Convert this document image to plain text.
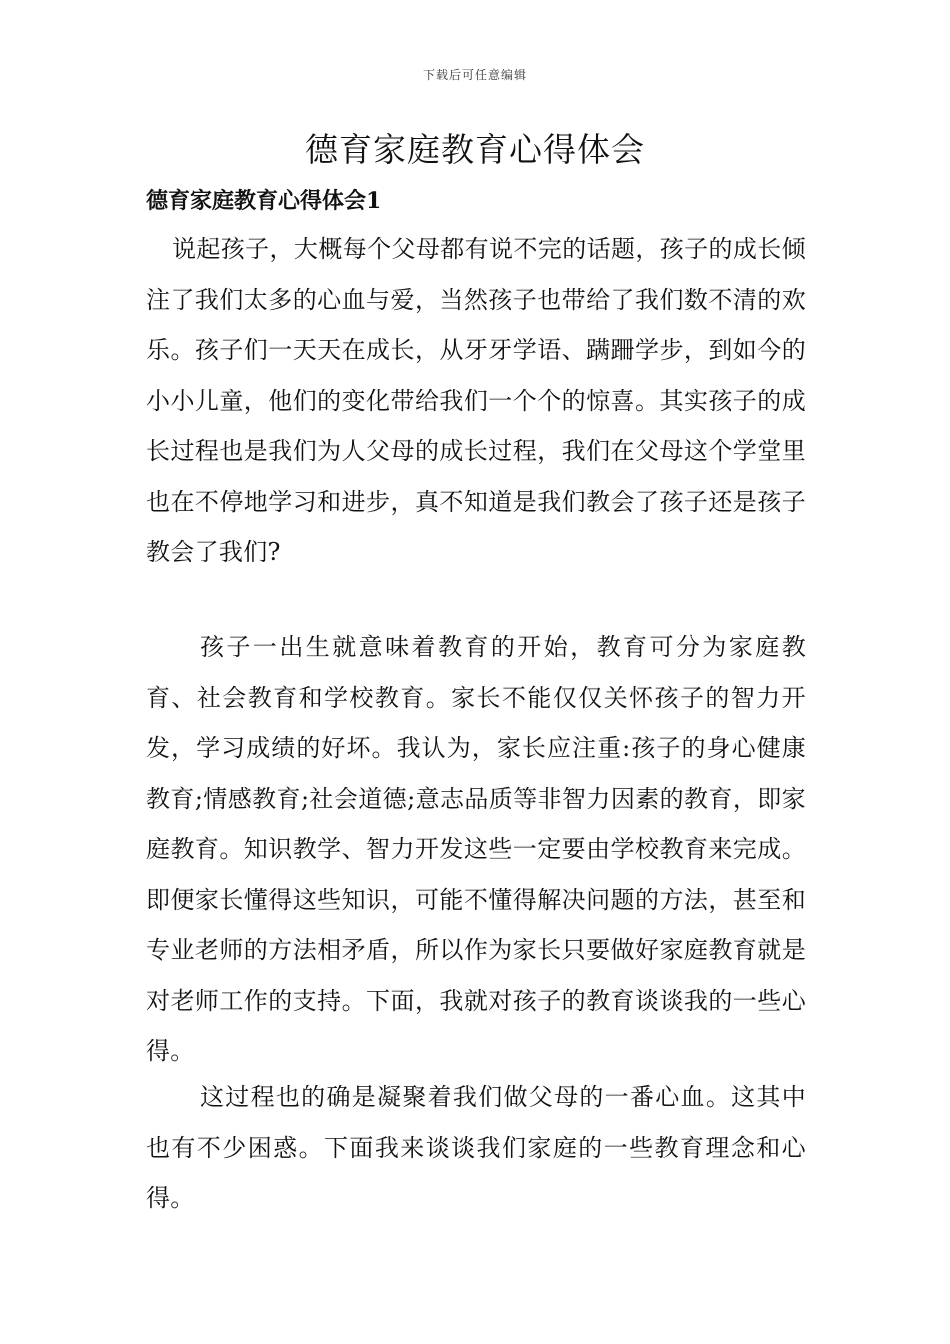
下载后可任意编辑
德育家庭教育心得体会
德育家庭教育心得体会1

说起孩子，大概每个父母都有说不完的话题，孩子的成长倾注了我们太多的心血与爱，当然孩子也带给了我们数不清的欢乐。孩子们一天天在成长，从牙牙学语、蹒跚学步，到如今的小小儿童，他们的变化带给我们一个个的惊喜。其实孩子的成长过程也是我们为人父母的成长过程，我们在父母这个学堂里也在不停地学习和进步，真不知道是我们教会了孩子还是孩子教会了我们?

孩子一出生就意味着教育的开始，教育可分为家庭教育、社会教育和学校教育。家长不能仅仅关怀孩子的智力开发，学习成绩的好坏。我认为，家长应注重:孩子的身心健康教育;情感教育;社会道德;意志品质等非智力因素的教育，即家庭教育。知识教学、智力开发这些一定要由学校教育来完成。即便家长懂得这些知识，可能不懂得解决问题的方法，甚至和专业老师的方法相矛盾，所以作为家长只要做好家庭教育就是对老师工作的支持。下面，我就对孩子的教育谈谈我的一些心得。

这过程也的确是凝聚着我们做父母的一番心血。这其中也有不少困惑。下面我来谈谈我们家庭的一些教育理念和心得。
